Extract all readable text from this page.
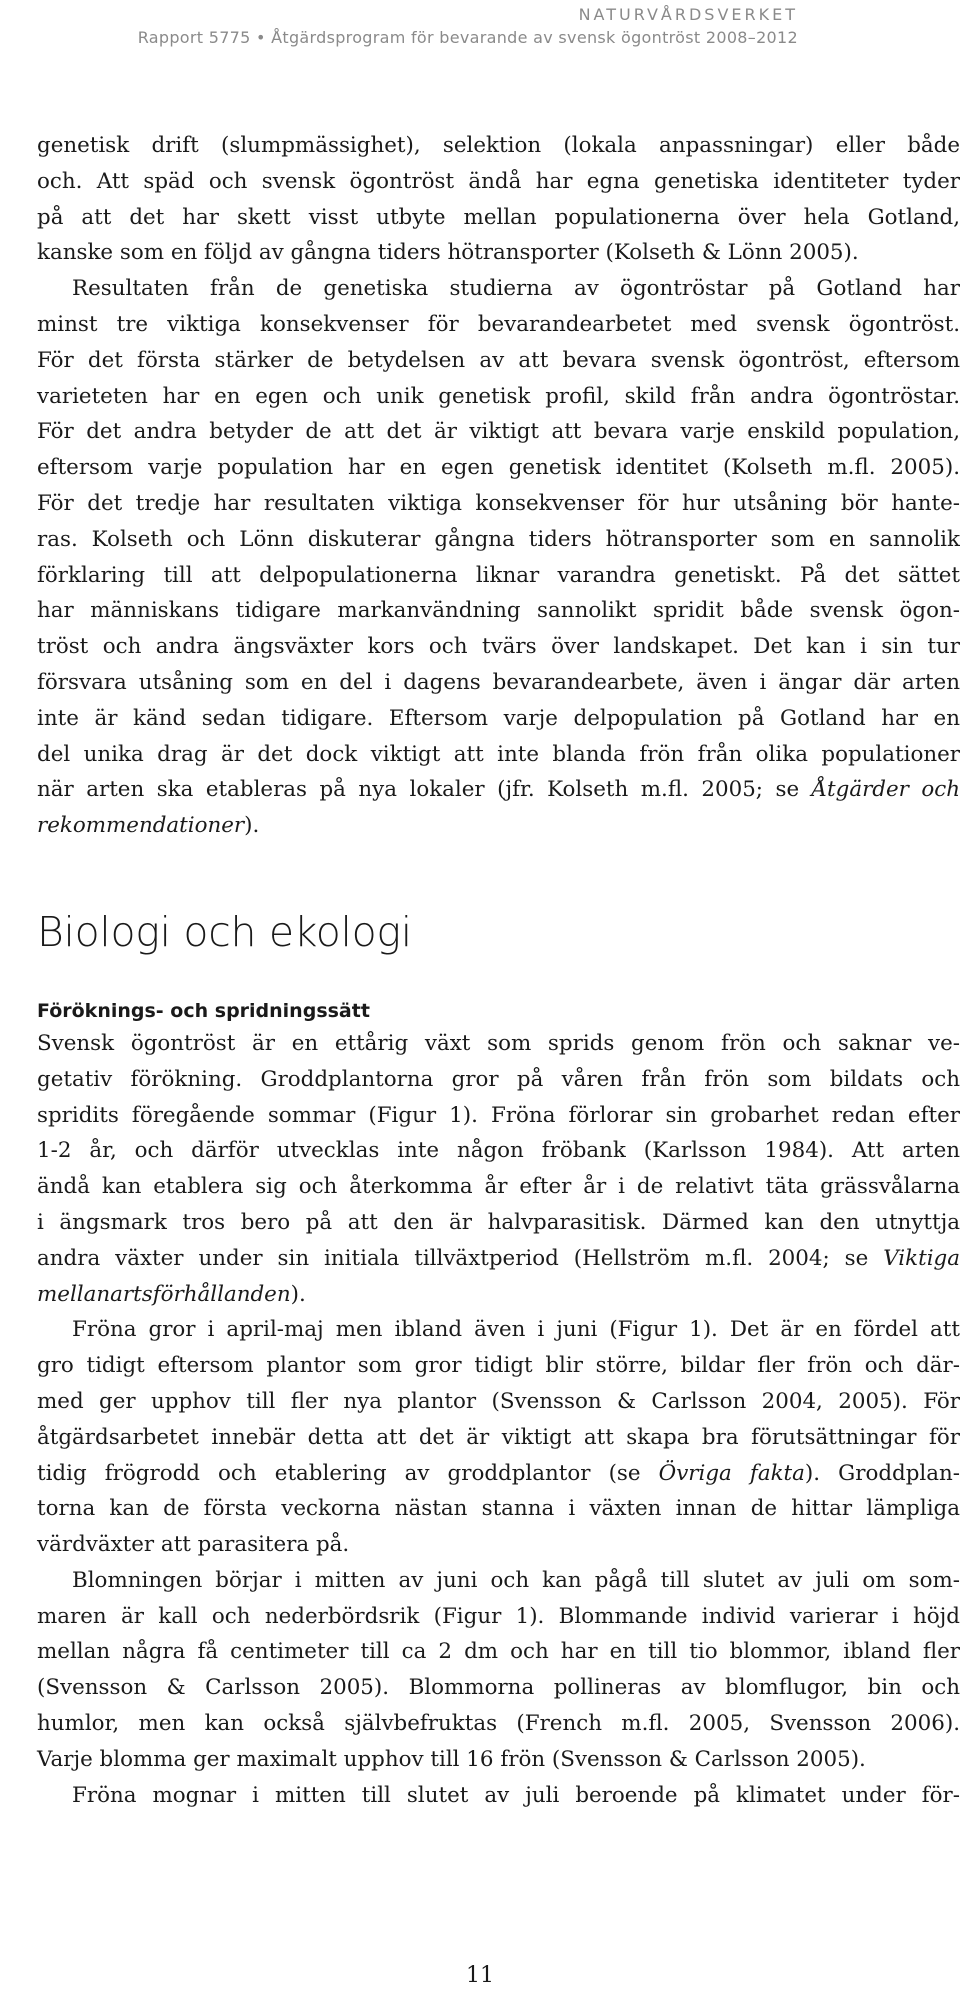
NATURVÅRDSVERKET
Rapport 5775 • Åtgärdsprogram för bevarande av svensk ögontröst 2008–2012
genetisk drift (slumpmässighet), selektion (lokala anpassningar) eller både
och. Att späd och svensk ögontröst ändå har egna genetiska identiteter tyder
på att det har skett visst utbyte mellan populationerna över hela Gotland,
kanske som en följd av gångna tiders hötransporter (Kolseth & Lönn 2005).
Resultaten från de genetiska studierna av ögontröstar på Gotland har
minst tre viktiga konsekvenser för bevarandearbetet med svensk ögontröst.
För det första stärker de betydelsen av att bevara svensk ögontröst, eftersom
varieteten har en egen och unik genetisk profil, skild från andra ögontröstar.
För det andra betyder de att det är viktigt att bevara varje enskild population,
eftersom varje population har en egen genetisk identitet (Kolseth m.fl. 2005).
För det tredje har resultaten viktiga konsekvenser för hur utsåning bör hante-
ras. Kolseth och Lönn diskuterar gångna tiders hötransporter som en sannolik
förklaring till att delpopulationerna liknar varandra genetiskt. På det sättet
har människans tidigare markanvändning sannolikt spridit både svensk ögon-
tröst och andra ängsväxter kors och tvärs över landskapet. Det kan i sin tur
försvara utsåning som en del i dagens bevarandearbete, även i ängar där arten
inte är känd sedan tidigare. Eftersom varje delpopulation på Gotland har en
del unika drag är det dock viktigt att inte blanda frön från olika populationer
när arten ska etableras på nya lokaler (jfr. Kolseth m.fl. 2005; se Åtgärder och
rekommendationer).
Biologi och ekologi
Föröknings- och spridningssätt
Svensk ögontröst är en ettårig växt som sprids genom frön och saknar ve-
getativ förökning. Groddplantorna gror på våren från frön som bildats och
spridits föregående sommar (Figur 1). Fröna förlorar sin grobarhet redan efter
1-2 år, och därför utvecklas inte någon fröbank (Karlsson 1984). Att arten
ändå kan etablera sig och återkomma år efter år i de relativt täta grässvålarna
i ängsmark tros bero på att den är halvparasitisk. Därmed kan den utnyttja
andra växter under sin initiala tillväxtperiod (Hellström m.fl. 2004; se Viktiga
mellanartsförhållanden).
Fröna gror i april-maj men ibland även i juni (Figur 1). Det är en fördel att
gro tidigt eftersom plantor som gror tidigt blir större, bildar fler frön och där-
med ger upphov till fler nya plantor (Svensson & Carlsson 2004, 2005). För
åtgärdsarbetet innebär detta att det är viktigt att skapa bra förutsättningar för
tidig frögrodd och etablering av groddplantor (se Övriga fakta). Groddplan-
torna kan de första veckorna nästan stanna i växten innan de hittar lämpliga
värdväxter att parasitera på.
Blomningen börjar i mitten av juni och kan pågå till slutet av juli om som-
maren är kall och nederbördsrik (Figur 1). Blommande individ varierar i höjd
mellan några få centimeter till ca 2 dm och har en till tio blommor, ibland fler
(Svensson & Carlsson 2005). Blommorna pollineras av blomflugor, bin och
humlor, men kan också självbefruktas (French m.fl. 2005, Svensson 2006).
Varje blomma ger maximalt upphov till 16 frön (Svensson & Carlsson 2005).
Fröna mognar i mitten till slutet av juli beroende på klimatet under för-
11
